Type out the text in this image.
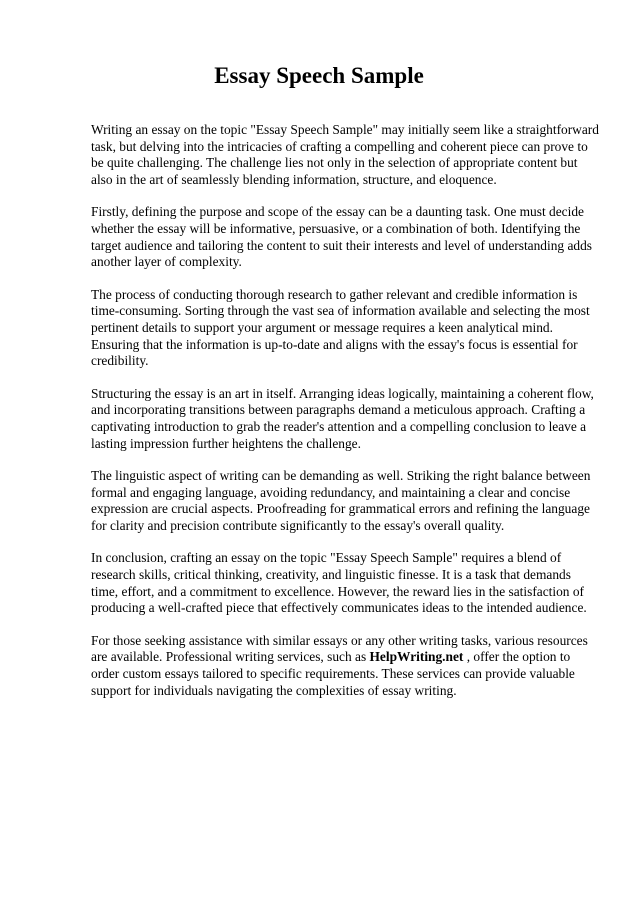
Essay Speech Sample

Writing an essay on the topic "Essay Speech Sample" may initially seem like a straightforward task, but delving into the intricacies of crafting a compelling and coherent piece can prove to be quite challenging. The challenge lies not only in the selection of appropriate content but also in the art of seamlessly blending information, structure, and eloquence.

Firstly, defining the purpose and scope of the essay can be a daunting task. One must decide whether the essay will be informative, persuasive, or a combination of both. Identifying the target audience and tailoring the content to suit their interests and level of understanding adds another layer of complexity.

The process of conducting thorough research to gather relevant and credible information is time-consuming. Sorting through the vast sea of information available and selecting the most pertinent details to support your argument or message requires a keen analytical mind. Ensuring that the information is up-to-date and aligns with the essay's focus is essential for credibility.

Structuring the essay is an art in itself. Arranging ideas logically, maintaining a coherent flow, and incorporating transitions between paragraphs demand a meticulous approach. Crafting a captivating introduction to grab the reader's attention and a compelling conclusion to leave a lasting impression further heightens the challenge.

The linguistic aspect of writing can be demanding as well. Striking the right balance between formal and engaging language, avoiding redundancy, and maintaining a clear and concise expression are crucial aspects. Proofreading for grammatical errors and refining the language for clarity and precision contribute significantly to the essay's overall quality.

In conclusion, crafting an essay on the topic "Essay Speech Sample" requires a blend of research skills, critical thinking, creativity, and linguistic finesse. It is a task that demands time, effort, and a commitment to excellence. However, the reward lies in the satisfaction of producing a well-crafted piece that effectively communicates ideas to the intended audience.

For those seeking assistance with similar essays or any other writing tasks, various resources are available. Professional writing services, such as HelpWriting.net , offer the option to order custom essays tailored to specific requirements. These services can provide valuable support for individuals navigating the complexities of essay writing.
